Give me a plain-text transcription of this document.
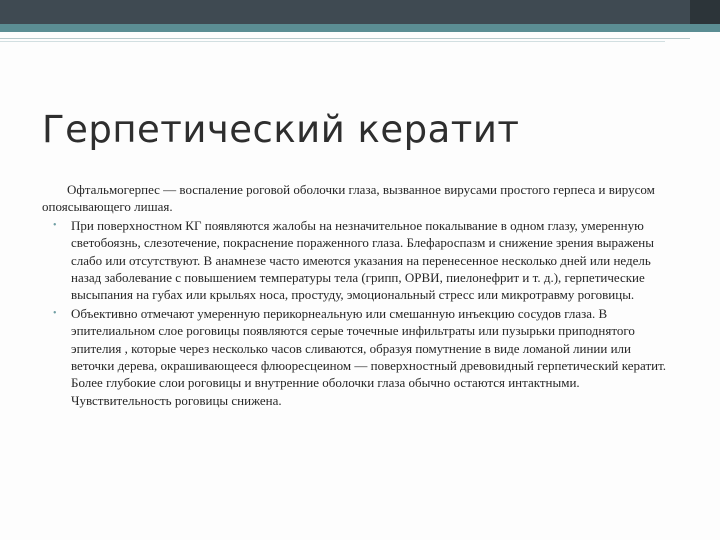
Герпетический кератит

Офтальмогерпес — воспаление роговой оболочки глаза, вызванное вирусами простого герпеса и вирусом опоясывающего лишая.

• При поверхностном КГ появляются жалобы на незначительное покалывание в одном глазу, умеренную светобоязнь, слезотечение, покраснение пораженного глаза. Блефароспазм и снижение зрения выражены слабо или отсутствуют. В анамнезе часто имеются указания на перенесенное несколько дней или недель назад заболевание с повышением температуры тела (грипп, ОРВИ, пиелонефрит и т. д.), герпетические высыпания на губах или крыльях носа, простуду, эмоциональный стресс или микротравму роговицы.

• Объективно отмечают умеренную перикорнеальную или смешанную инъекцию сосудов глаза. В эпителиальном слое роговицы появляются серые точечные инфильтраты или пузырьки приподнятого эпителия , которые через несколько часов сливаются, образуя помутнение в виде ломаной линии или веточки дерева, окрашивающееся флюоресцеином — поверхностный древовидный герпетический кератит. Более глубокие слои роговицы и внутренние оболочки глаза обычно остаются интактными. Чувствительность роговицы снижена.
